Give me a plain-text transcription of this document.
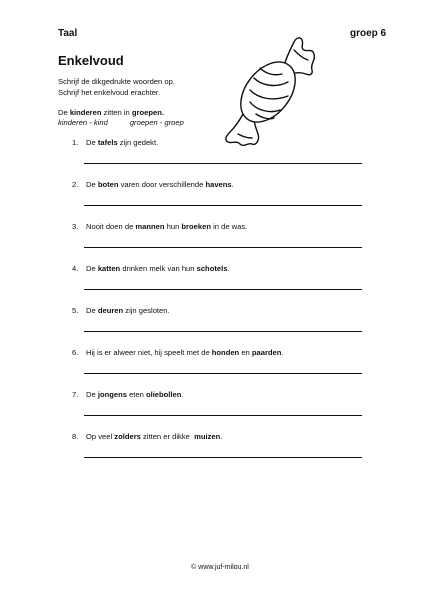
Taal	groep 6
Enkelvoud
Schrijf de dikgedrukte woorden op.
Schrijf het enkelvoud erachter.
De kinderen zitten in groepen.
kinderen - kind	groepen - groep
1.	De tafels zijn gedekt.
2.	De boten varen door verschillende havens.
3.	Nooit doen de mannen hun broeken in de was.
4.	De katten drinken melk van hun schotels.
5.	De deuren zijn gesloten.
6.	Hij is er alweer niet, hij speelt met de honden en paarden.
7.	De jongens eten oliebollen.
8.	Op veel zolders zitten er dikke  muizen.
© www.juf-milou.nl
